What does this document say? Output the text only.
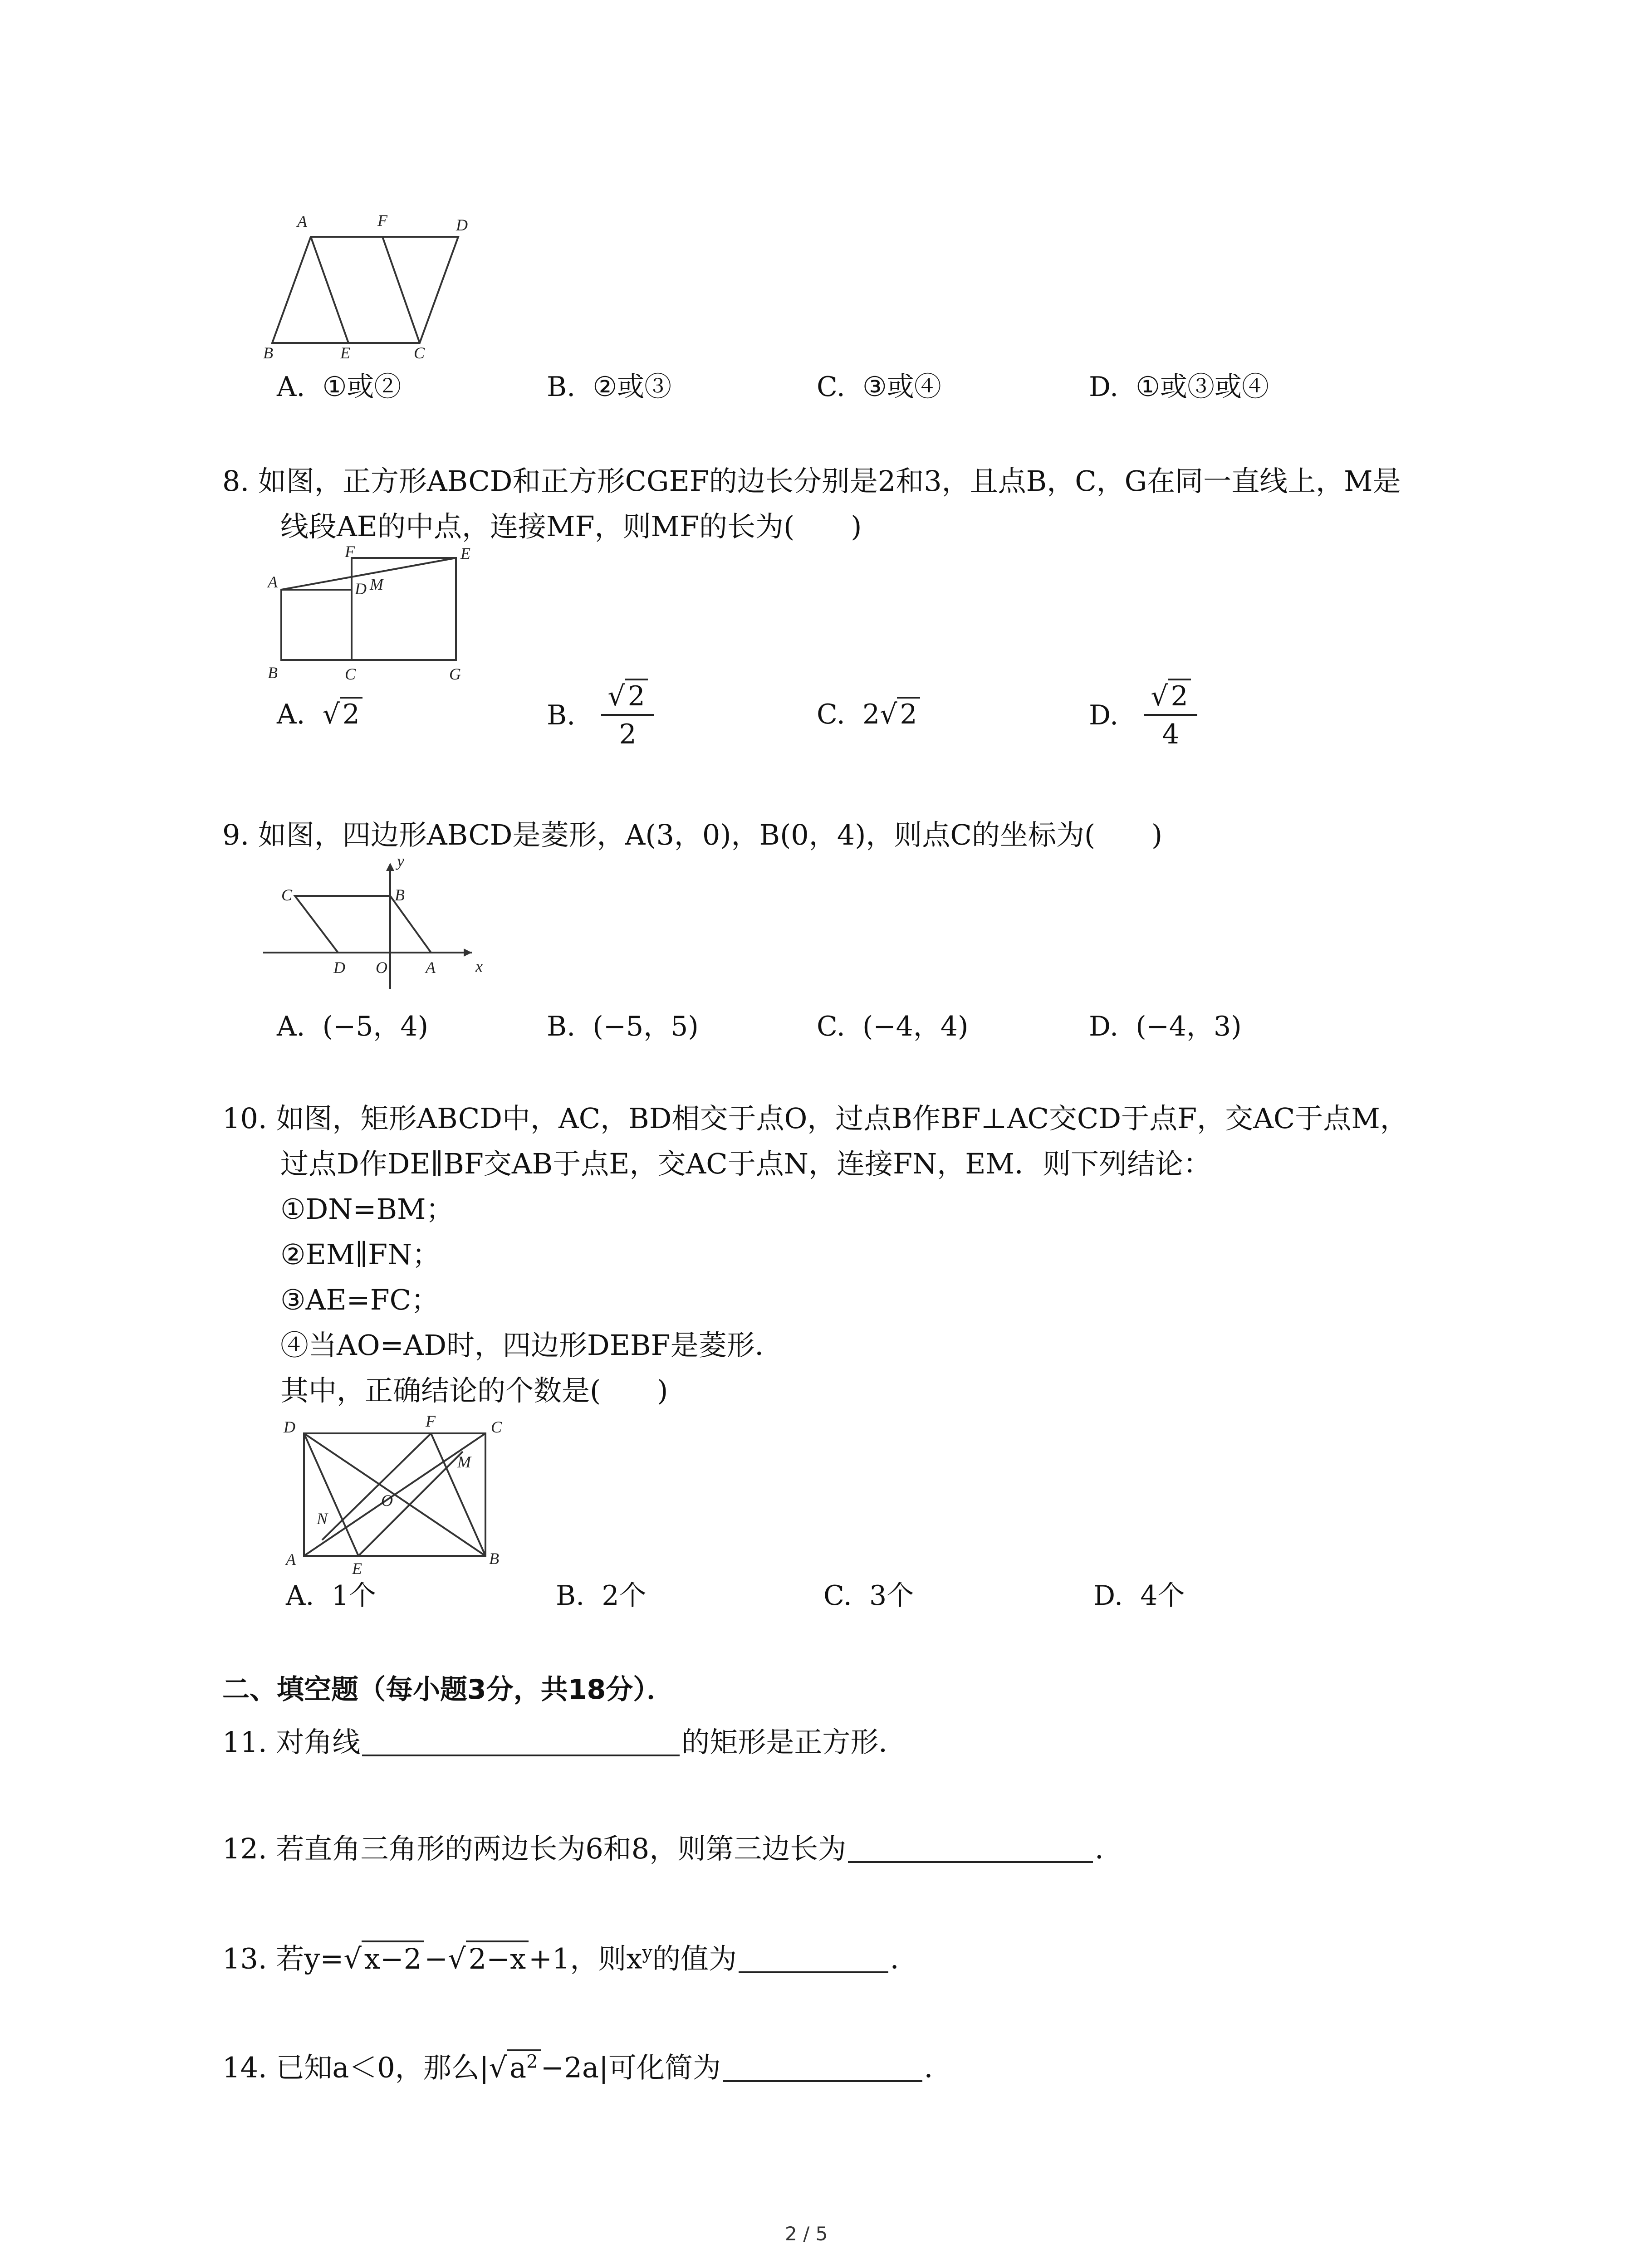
A	F	D
B	E	C
A. ①或②	B. ②或③	C. ③或④	D. ①或③或④
8. 如图，正方形ABCD和正方形CGEF的边长分别是2和3，且点B，C，G在同一直线上，M是
线段AE的中点，连接MF，则MF的长为(　　)
A
F	E
D M
B	C	G
A. √ 2	B. $\frac{√ 2}{2}$	C. 2√ 2	D. $\frac{√ 2}{4}$
9. 如图，四边形ABCD是菱形，A(3，0)，B(0，4)，则点C的坐标为(　　)
y
x
C	B
D O A
A. (−5，4)	B. (−5，5)	C. (−4，4)	D. (−4，3)
10. 如图，矩形ABCD中，AC，BD相交于点O，过点B作BF⊥AC交CD于点F，交AC于点M，
过点D作DE∥BF交AB于点E，交AC于点N，连接FN，EM．则下列结论：
①DN=BM；
②EM∥FN；
③AE=FC；
④当AO=AD时，四边形DEBF是菱形．
其中，正确结论的个数是(　　)
D	F	C
M
O
N
A	E
B
A. 1个	B. 2个	C. 3个	D. 4个
二、填空题（每小题3分，共18分）．
11. 对角线	的矩形是正方形．
12. 若直角三角形的两边长为6和8，则第三边长为	．
13. 若y=√x−2−√2−x+1，则$x^y$的值为	．
14. 已知a＜0，那么$|√a^2-2a|$可化简为	．
2 / 5
